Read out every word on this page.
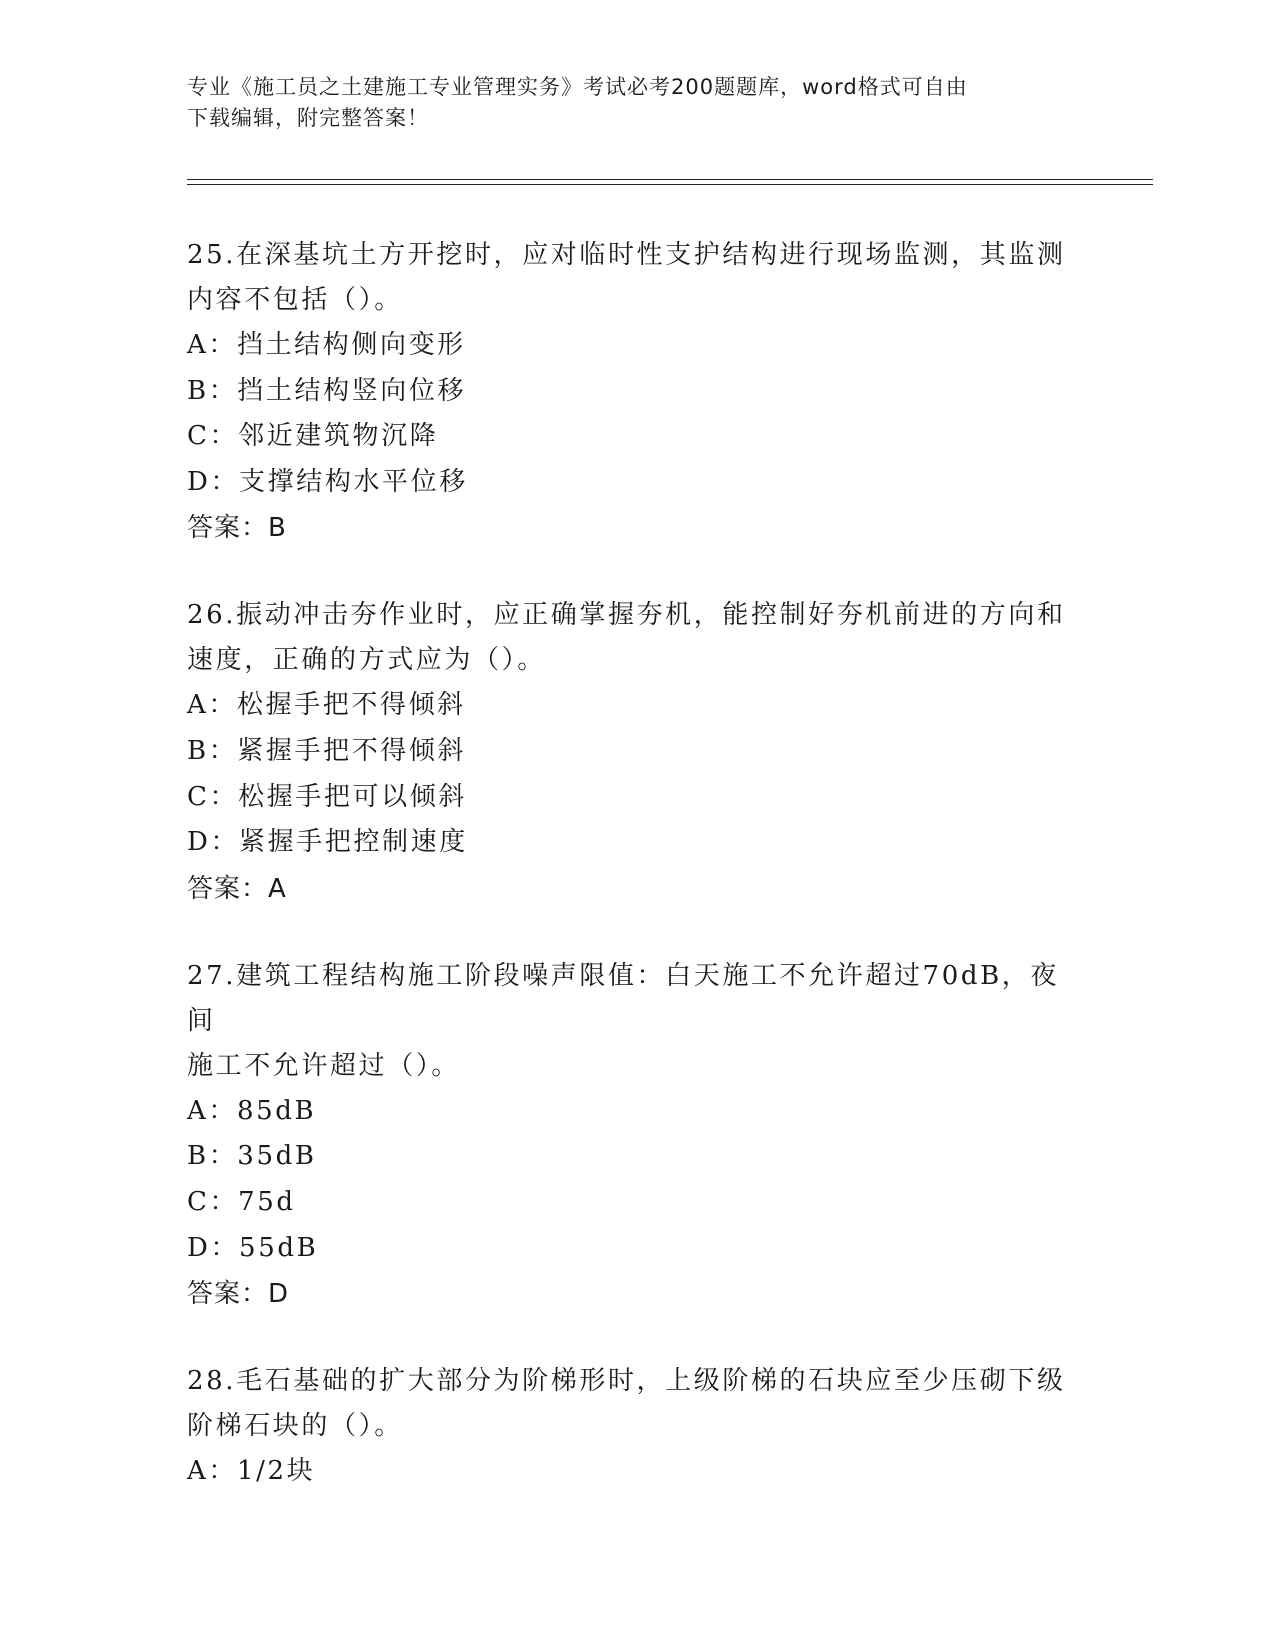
专业《施工员之土建施工专业管理实务》考试必考200题题库，word格式可自由
下载编辑，附完整答案！
25.在深基坑土方开挖时，应对临时性支护结构进行现场监测，其监测
内容不包括（）。
A：挡土结构侧向变形
B：挡土结构竖向位移
C：邻近建筑物沉降
D：支撑结构水平位移
答案：B
26.振动冲击夯作业时，应正确掌握夯机，能控制好夯机前进的方向和
速度，正确的方式应为（）。
A：松握手把不得倾斜
B：紧握手把不得倾斜
C：松握手把可以倾斜
D：紧握手把控制速度
答案：A
27.建筑工程结构施工阶段噪声限值：白天施工不允许超过70dB，夜间
施工不允许超过（）。
A：85dB
B：35dB
C：75d
D：55dB
答案：D
28.毛石基础的扩大部分为阶梯形时，上级阶梯的石块应至少压砌下级
阶梯石块的（）。
A：1/2块
